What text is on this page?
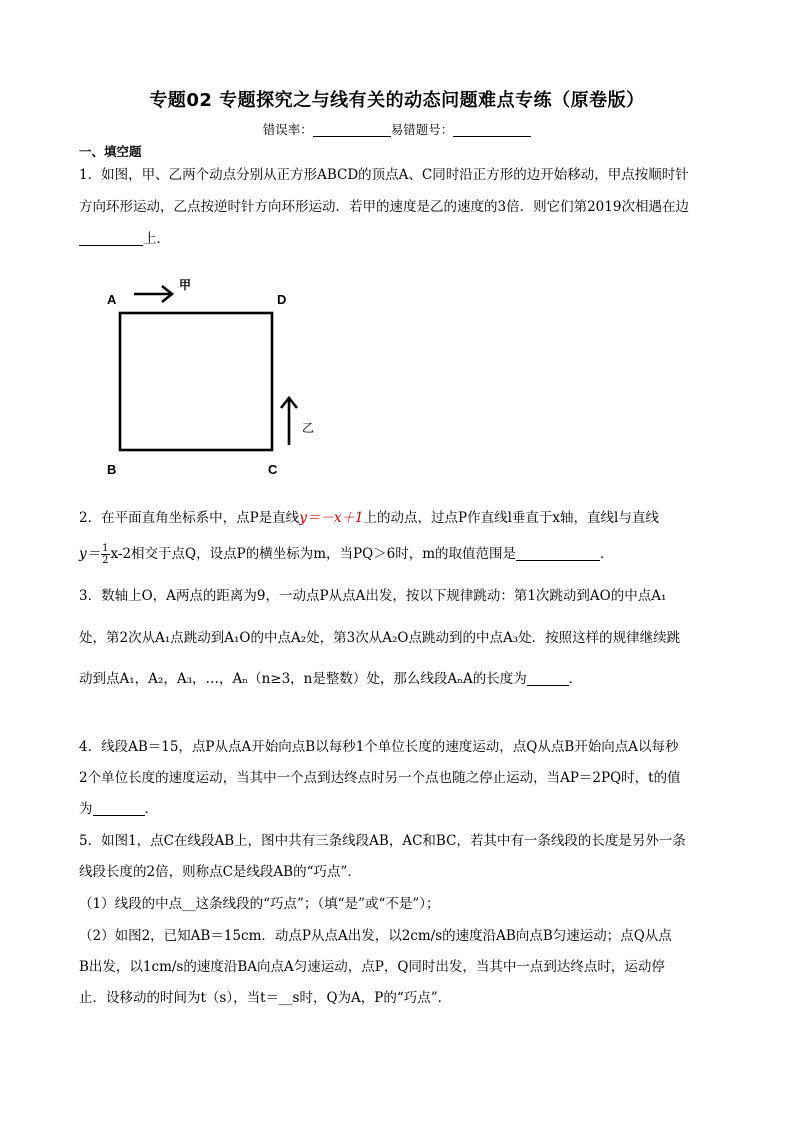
专题02 专题探究之与线有关的动态问题难点专练（原卷版）
错误率：	易错题号：
一、填空题
1．如图，甲、乙两个动点分别从正方形ABCD的顶点A、C同时沿正方形的边开始移动，甲点按顺时针
方向环形运动，乙点按逆时针方向环形运动．若甲的速度是乙的速度的3倍．则它们第2019次相遇在边
上．
A	D
B	C
甲
乙
2．在平面直角坐标系中，点P是直线y＝－x＋1上的动点，过点P作直线l垂直于x轴，直线l与直线
$y= \frac{1}{2} x-2$相交于点Q，设点P的横坐标为m，当PQ＞6时，m的取值范围是	．
3．数轴上O，A两点的距离为9，一动点P从点A出发，按以下规律跳动：第1次跳动到AO的中点A₁
处，第2次从A₁点跳动到A₁O的中点A₂处，第3次从A₂O点跳动到的中点A₃处．按照这样的规律继续跳
动到点A₁，A₂，A₃，…，Aₙ（n≥3，n是整数）处，那么线段AₙA的长度为	．
4．线段AB＝15，点P从点A开始向点B以每秒1个单位长度的速度运动，点Q从点B开始向点A以每秒
2个单位长度的速度运动，当其中一个点到达终点时另一个点也随之停止运动，当AP＝2PQ时，t的值
为	．
5．如图1，点C在线段AB上，图中共有三条线段AB，AC和BC，若其中有一条线段的长度是另外一条
线段长度的2倍，则称点C是线段AB的“巧点”．
（1）线段的中点__这条线段的“巧点”；（填“是”或“不是”）；
（2）如图2，已知AB＝15cm．动点P从点A出发，以2cm/s的速度沿AB向点B匀速运动；点Q从点
B出发，以1cm/s的速度沿BA向点A匀速运动，点P，Q同时出发，当其中一点到达终点时，运动停
止．设移动的时间为t（s），当t＝__s时，Q为A，P的“巧点”．
